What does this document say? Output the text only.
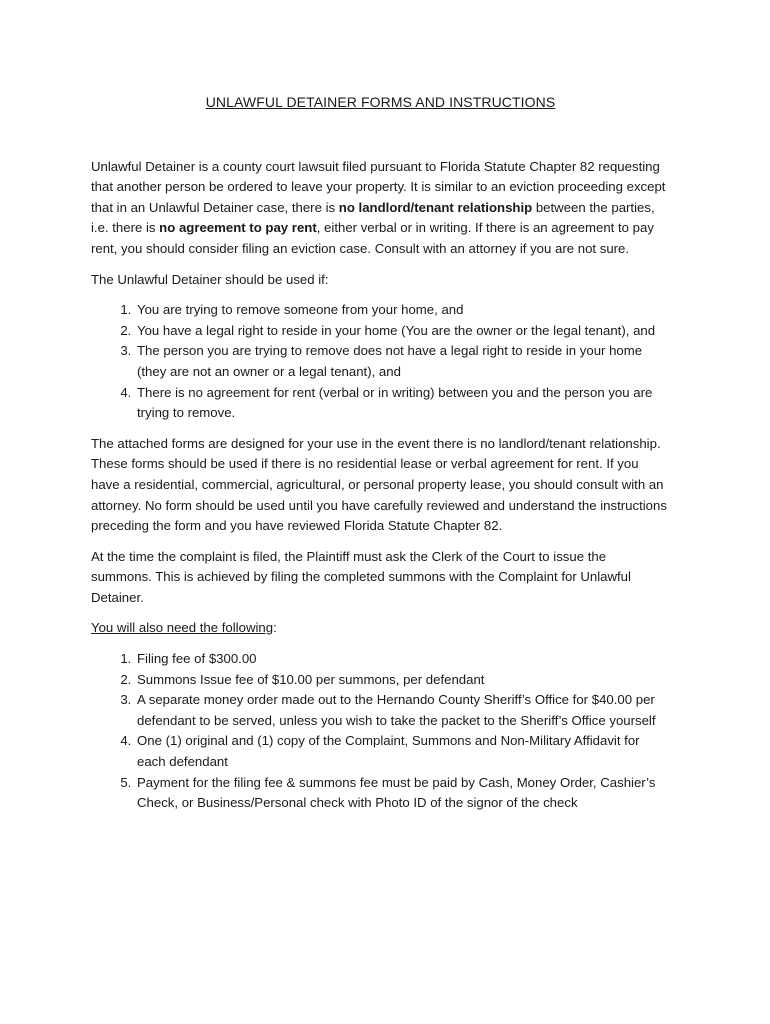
UNLAWFUL DETAINER FORMS AND INSTRUCTIONS

Unlawful Detainer is a county court lawsuit filed pursuant to Florida Statute Chapter 82 requesting that another person be ordered to leave your property. It is similar to an eviction proceeding except that in an Unlawful Detainer case, there is no landlord/tenant relationship between the parties, i.e. there is no agreement to pay rent, either verbal or in writing. If there is an agreement to pay rent, you should consider filing an eviction case. Consult with an attorney if you are not sure.

The Unlawful Detainer should be used if:

1. You are trying to remove someone from your home, and
2. You have a legal right to reside in your home (You are the owner or the legal tenant), and
3. The person you are trying to remove does not have a legal right to reside in your home (they are not an owner or a legal tenant), and
4. There is no agreement for rent (verbal or in writing) between you and the person you are trying to remove.

The attached forms are designed for your use in the event there is no landlord/tenant relationship. These forms should be used if there is no residential lease or verbal agreement for rent. If you have a residential, commercial, agricultural, or personal property lease, you should consult with an attorney. No form should be used until you have carefully reviewed and understand the instructions preceding the form and you have reviewed Florida Statute Chapter 82.

At the time the complaint is filed, the Plaintiff must ask the Clerk of the Court to issue the summons. This is achieved by filing the completed summons with the Complaint for Unlawful Detainer.

You will also need the following:

1. Filing fee of $300.00
2. Summons Issue fee of $10.00 per summons, per defendant
3. A separate money order made out to the Hernando County Sheriff’s Office for $40.00 per defendant to be served, unless you wish to take the packet to the Sheriff’s Office yourself
4. One (1) original and (1) copy of the Complaint, Summons and Non-Military Affidavit for each defendant
5. Payment for the filing fee & summons fee must be paid by Cash, Money Order, Cashier’s Check, or Business/Personal check with Photo ID of the signor of the check
